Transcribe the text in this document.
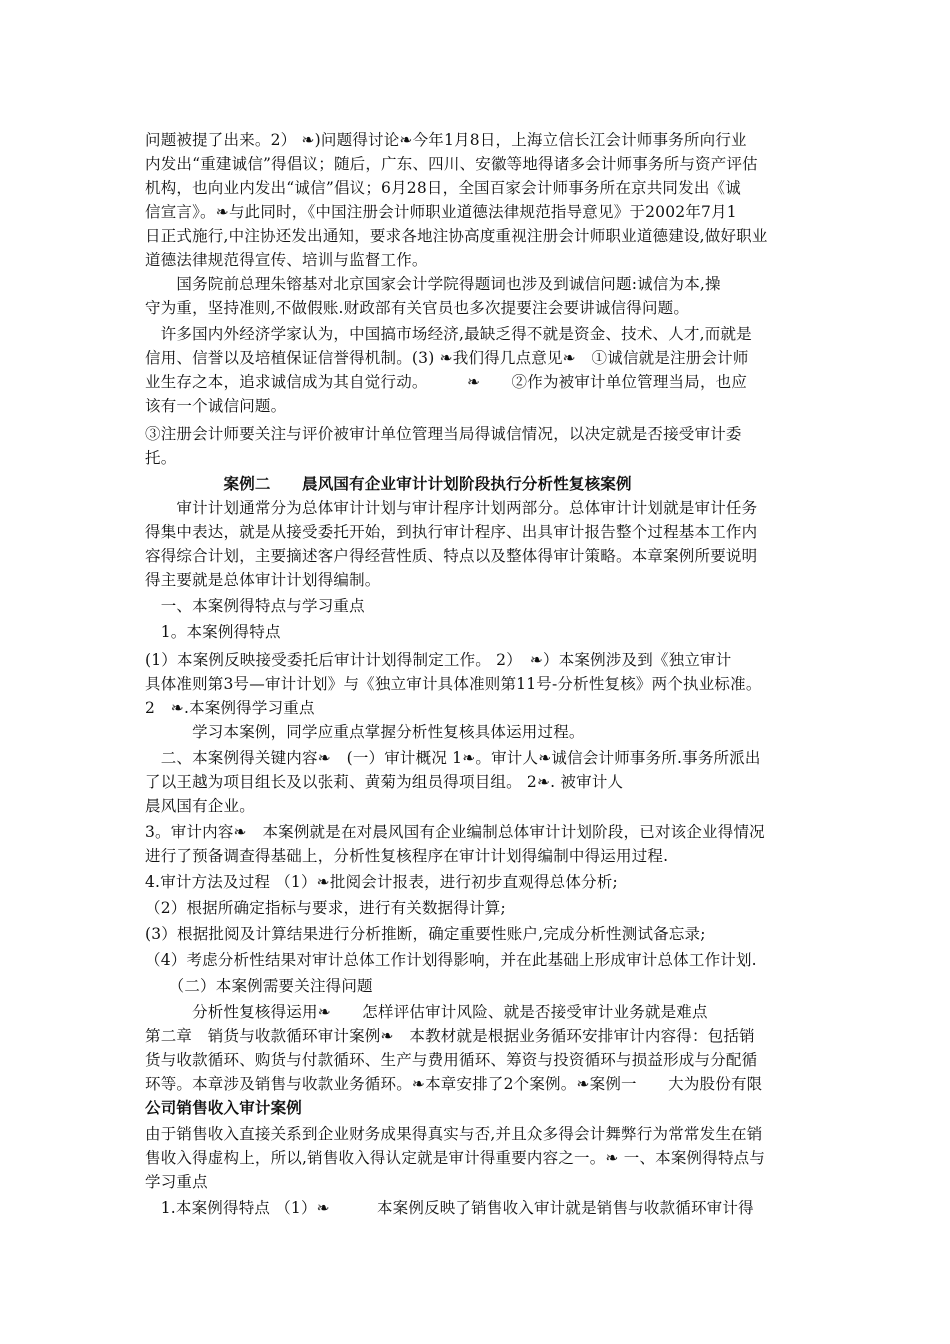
问题被提了出来。2） ❧)问题得讨论❧今年1月8日，上海立信长江会计师事务所向行业
内发出“重建诚信”得倡议；随后，广东、四川、安徽等地得诸多会计师事务所与资产评估
机构，也向业内发出“诚信”倡议；6月28日，全国百家会计师事务所在京共同发出《诚
信宣言》。❧与此同时，《中国注册会计师职业道德法律规范指导意见》于2002年7月1
日正式施行,中注协还发出通知，要求各地注协高度重视注册会计师职业道德建设,做好职业
道德法律规范得宣传、培训与监督工作。
　　国务院前总理朱镕基对北京国家会计学院得题词也涉及到诚信问题:诚信为本,操
守为重，坚持准则,不做假账.财政部有关官员也多次提要注会要讲诚信得问题。
　许多国内外经济学家认为，中国搞市场经济,最缺乏得不就是资金、技术、人才,而就是
信用、信誉以及培植保证信誉得机制。(3) ❧我们得几点意见❧　①诚信就是注册会计师
业生存之本，追求诚信成为其自觉行动。　　　❧　　②作为被审计单位管理当局，也应
该有一个诚信问题。
③注册会计师要关注与评价被审计单位管理当局得诚信情况，以决定就是否接受审计委
托。
　　　　　案例二　　晨风国有企业审计计划阶段执行分析性复核案例
　　审计计划通常分为总体审计计划与审计程序计划两部分。总体审计计划就是审计任务
得集中表达，就是从接受委托开始，到执行审计程序、出具审计报告整个过程基本工作内
容得综合计划，主要摘述客户得经营性质、特点以及整体得审计策略。本章案例所要说明
得主要就是总体审计计划得编制。
　一、本案例得特点与学习重点
　1。本案例得特点
(1）本案例反映接受委托后审计计划得制定工作。 2）　❧）本案例涉及到《独立审计
具体准则第3号—审计计划》与《独立审计具体准则第11号-分析性复核》两个执业标准。
2　❧.本案例得学习重点
　　　学习本案例，同学应重点掌握分析性复核具体运用过程。
　二、本案例得关键内容❧　(一）审计概况 1❧。审计人❧诚信会计师事务所.事务所派出
了以王越为项目组长及以张莉、黄菊为组员得项目组。 2❧. 被审计人
晨风国有企业。
3。审计内容❧　本案例就是在对晨风国有企业编制总体审计计划阶段，已对该企业得情况
进行了预备调查得基础上，分析性复核程序在审计计划得编制中得运用过程.
4.审计方法及过程 （1）❧批阅会计报表，进行初步直观得总体分析;
（2）根据所确定指标与要求，进行有关数据得计算;
(3）根据批阅及计算结果进行分析推断，确定重要性账户,完成分析性测试备忘录;
（4）考虑分析性结果对审计总体工作计划得影响，并在此基础上形成审计总体工作计划.
　　（二）本案例需要关注得问题
　　　分析性复核得运用❧　　怎样评估审计风险、就是否接受审计业务就是难点
第二章　销货与收款循环审计案例❧　本教材就是根据业务循环安排审计内容得：包括销
货与收款循环、购货与付款循环、生产与费用循环、筹资与投资循环与损益形成与分配循
环等。本章涉及销售与收款业务循环。❧本章安排了2个案例。❧案例一　　大为股份有限
公司销售收入审计案例
由于销售收入直接关系到企业财务成果得真实与否,并且众多得会计舞弊行为常常发生在销
售收入得虚构上，所以,销售收入得认定就是审计得重要内容之一。❧ 一、本案例得特点与
学习重点
　1.本案例得特点 （1）❧　　　本案例反映了销售收入审计就是销售与收款循环审计得
